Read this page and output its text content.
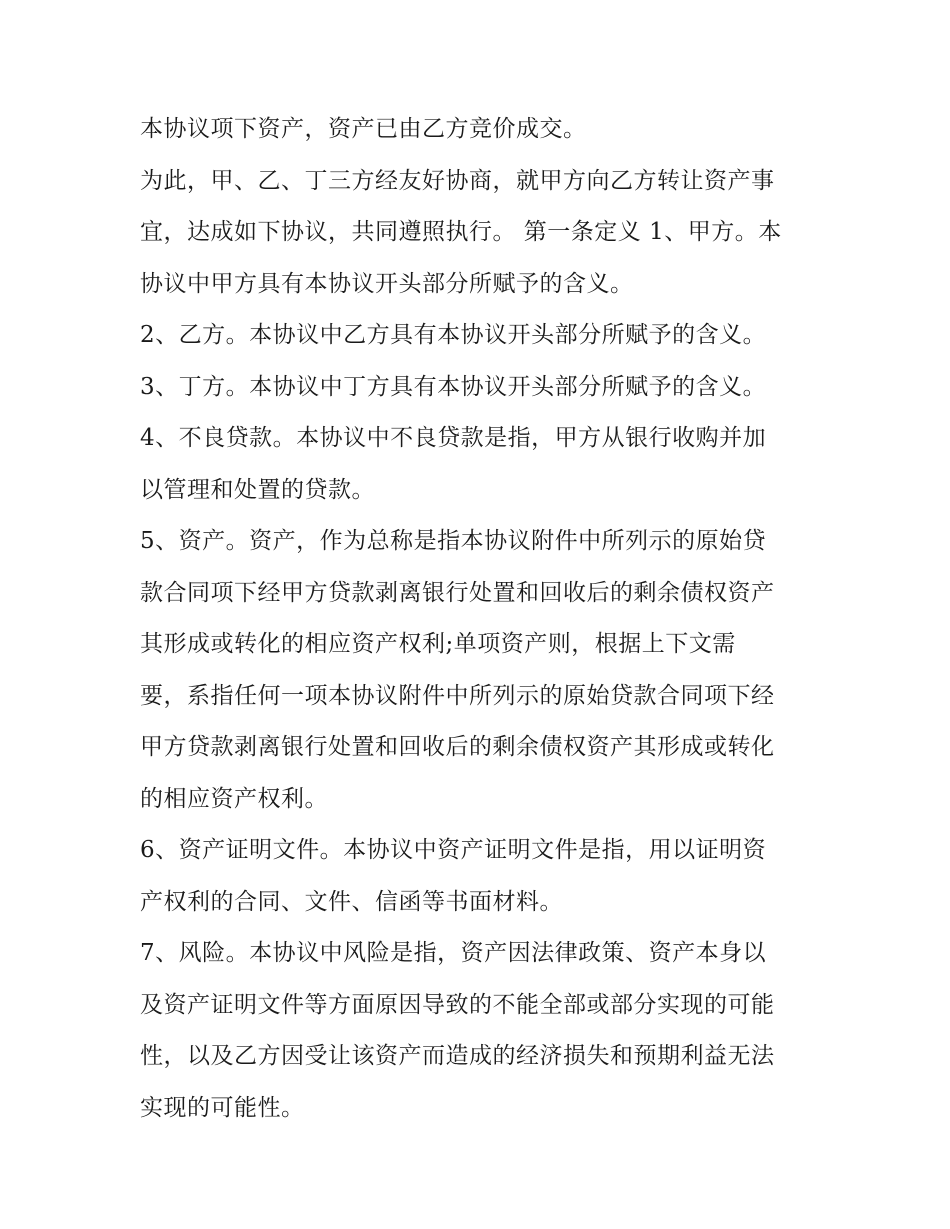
本协议项下资产，资产已由乙方竞价成交。
为此，甲、乙、丁三方经友好协商，就甲方向乙方转让资产事
宜，达成如下协议，共同遵照执行。 第一条定义 1、甲方。本
协议中甲方具有本协议开头部分所赋予的含义。
2、乙方。本协议中乙方具有本协议开头部分所赋予的含义。
3、丁方。本协议中丁方具有本协议开头部分所赋予的含义。
4、不良贷款。本协议中不良贷款是指，甲方从银行收购并加
以管理和处置的贷款。
5、资产。资产，作为总称是指本协议附件中所列示的原始贷
款合同项下经甲方贷款剥离银行处置和回收后的剩余债权资产
其形成或转化的相应资产权利;单项资产则，根据上下文需
要，系指任何一项本协议附件中所列示的原始贷款合同项下经
甲方贷款剥离银行处置和回收后的剩余债权资产其形成或转化
的相应资产权利。
6、资产证明文件。本协议中资产证明文件是指，用以证明资
产权利的合同、文件、信函等书面材料。
7、风险。本协议中风险是指，资产因法律政策、资产本身以
及资产证明文件等方面原因导致的不能全部或部分实现的可能
性，以及乙方因受让该资产而造成的经济损失和预期利益无法
实现的可能性。
